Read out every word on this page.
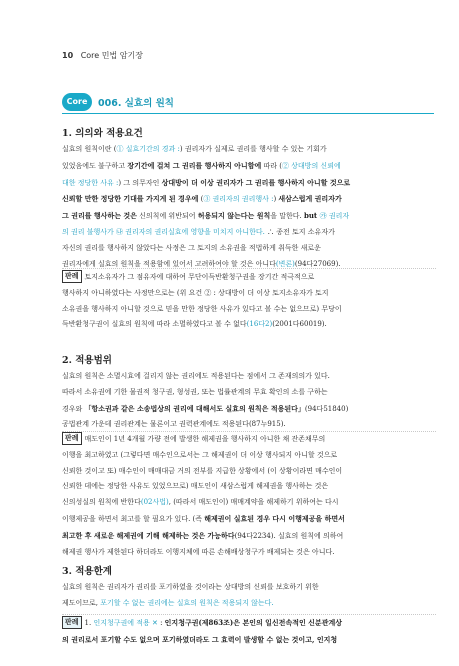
10 Core 민법 암기장
Core	006. 실효의 원칙
1. 의의와 적용요건
실효의 원칙이란 (① 실효기간의 경과 :) 권리자가 실제로 권리를 행사할 수 있는 기회가
있었음에도 불구하고 장기간에 걸쳐 그 권리를 행사하지 아니함에 따라 (② 상대방의 신뢰에
대한 정당한 사유 :) 그 의무자인 상대방이 더 이상 권리자가 그 권리를 행사하지 아니할 것으로
신뢰할 만한 정당한 기대를 가지게 된 경우에 (③ 권리자의 권리행사 :) 새삼스럽게 권리자가
그 권리를 행사하는 것은 신의칙에 위반되어 허용되지 않는다는 원칙을 말한다. but ㉮ 권리자
의 권리 불행사가 ㉯ 권리자의 권리실효에 영향을 미치지 아니한다. ∴ 종전 토지 소유자가
자신의 권리를 행사하지 않았다는 사정은 그 토지의 소유권을 적법하게 취득한 새로운
권리자에게 실효의 원칙을 적용함에 있어서 고려하여야 할 것은 아니다(변론)(94다27069).
판례 토지소유자가 그 점유자에 대하여 무단이득반환청구권을 장기간 적극적으로
행사하지 아니하였다는 사정만으로는 (위 요건 ② : 상대방이 더 이상 토지소유자가 토지
소유권을 행사하지 아니할 것으로 믿을 만한 정당한 사유가 있다고 볼 수는 없으므로) 무당이
득반환청구권이 실효의 원칙에 따라 소멸하였다고 볼 수 없다(16다2)(2001다60019).
2. 적용범위
실효의 원칙은 소멸시효에 걸리지 않는 권리에도 적용된다는 점에서 그 존재의의가 있다.
따라서 소유권에 기한 물권적 청구권, 형성권, 또는 법률관계의 무효 확인의 소를 구하는
경우와 「항소권과 같은 소송법상의 권리에 대해서도 실효의 원칙은 적용된다」(94다51840)
공법관계 가운데 권리관계는 물론이고 권력관계에도 적용된다(87누915).
판례 매도인이 1년 4개월 가량 전에 발생한 해제권을 행사하지 아니한 채 잔존채무의
이행을 최고하였고 (그렇다면 매수인으로서는 그 해제권이 더 이상 행사되지 아니할 것으로
신뢰한 것이고 또) 매수인이 매매대금 거의 전부를 지급한 상황에서 (이 상황이라면 매수인이
신뢰한 데에는 정당한 사유도 있었으므로) 매도인이 새삼스럽게 해제권을 행사하는 것은
신의성실의 원칙에 반한다(02사법), (따라서 매도인이) 매매계약을 해제하기 위하여는 다시
이행제공을 하면서 최고를 할 필요가 있다. (즉 해제권이 실효된 경우 다시 이행제공을 하면서
최고한 후 새로운 해제권에 기해 해제하는 것은 가능하다(94다2234). 실효의 원칙에 의하여
해제권 행사가 제한된다 하더라도 이행지체에 따른 손해배상청구가 배제되는 것은 아니다.
3. 적용한계
실효의 원칙은 권리자가 권리를 포기하였을 것이라는 상대방의 신뢰를 보호하기 위한
제도이므로, 포기할 수 없는 권리에는 실효의 원칙은 적용되지 않는다.
판례 1. 인지청구권에 적용 ✕ : 인지청구권(제863조)은 본인의 일신전속적인 신분관계상
의 권리로서 포기할 수도 없으며 포기하였더라도 그 효력이 발생할 수 없는 것이고, 인지청
